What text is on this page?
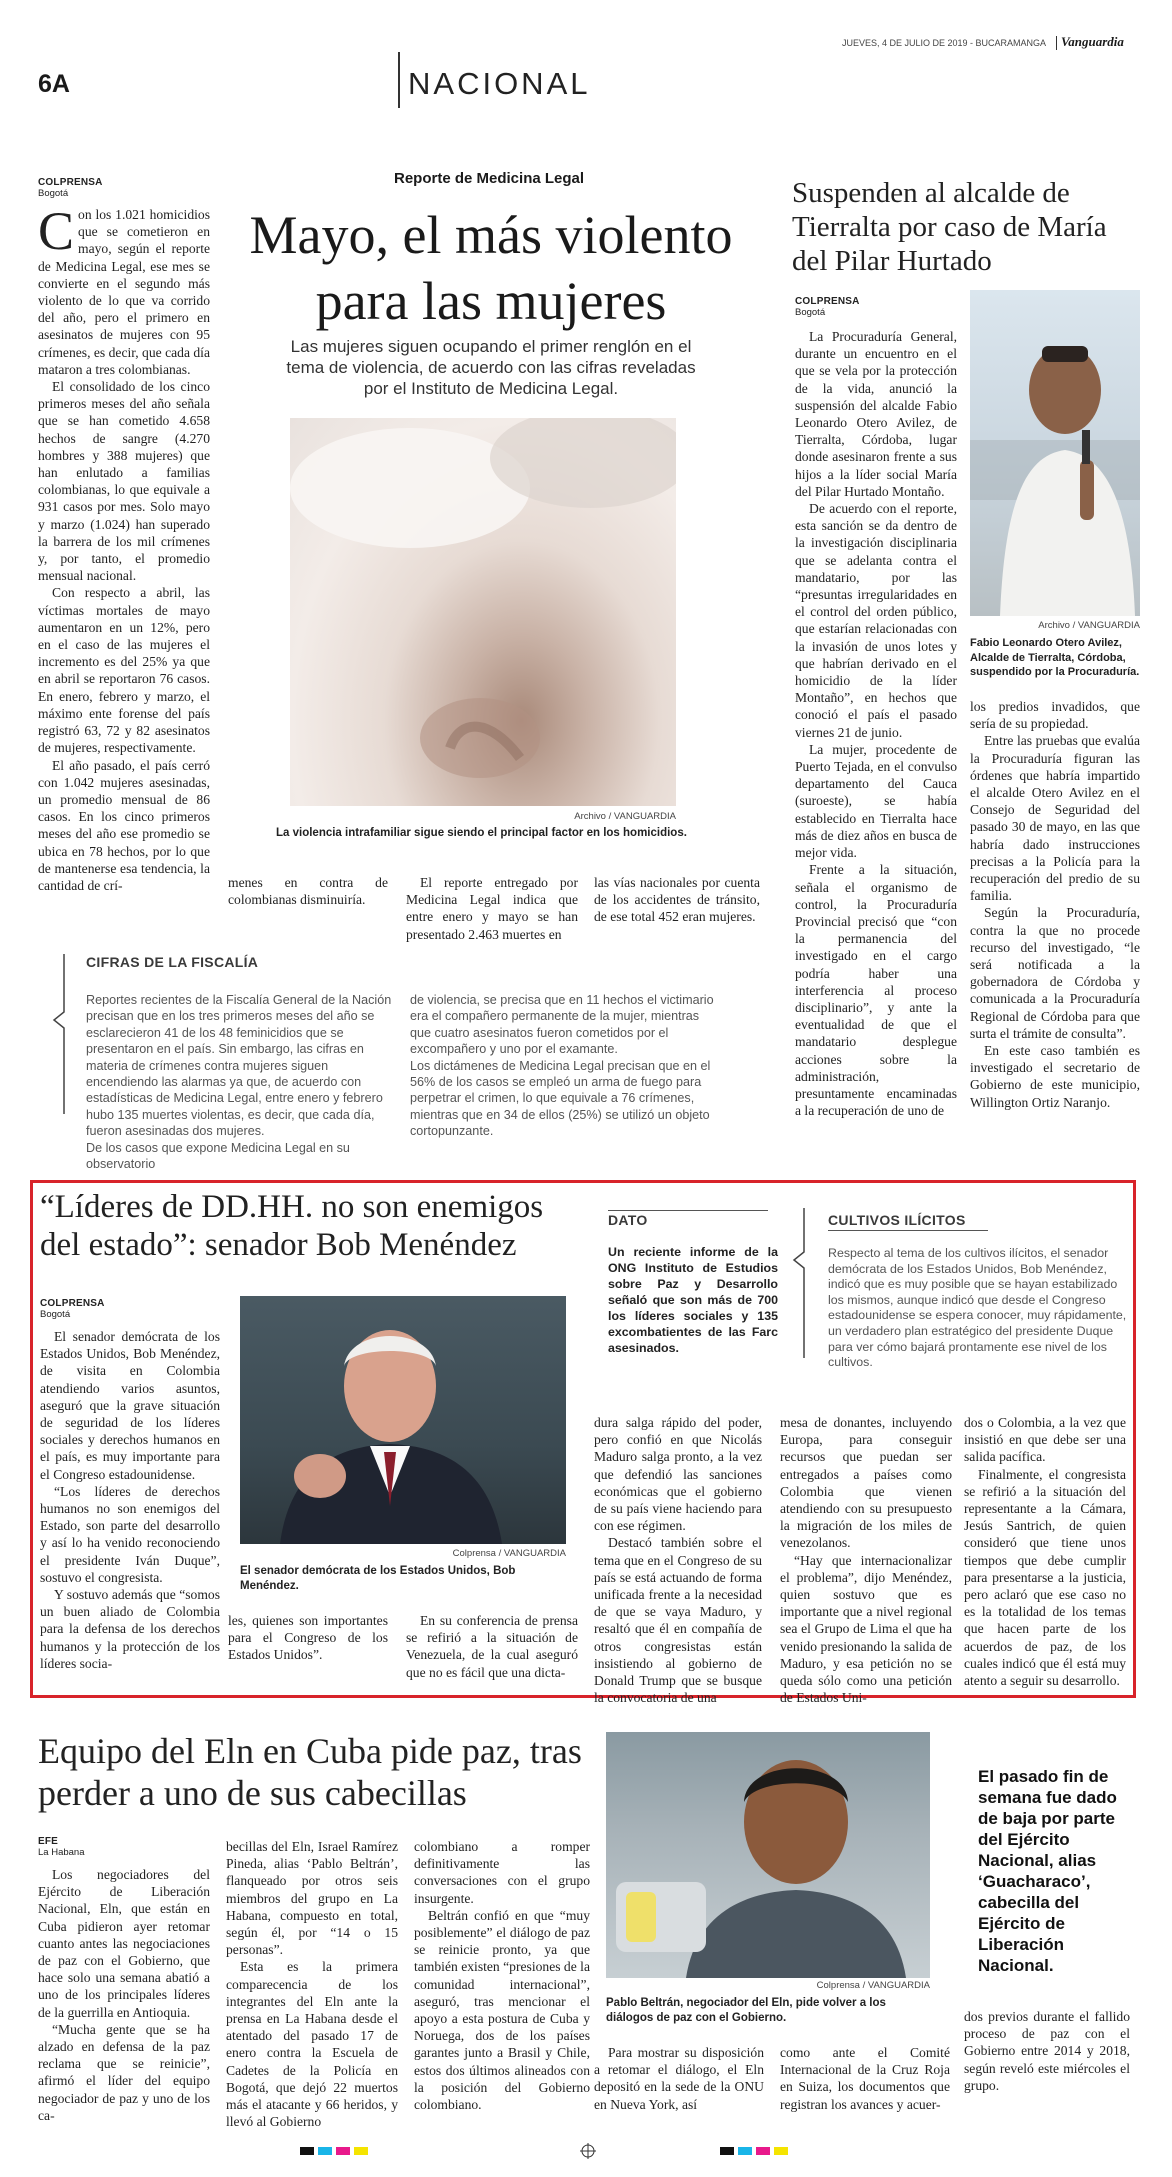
6A	NACIONAL
JUEVES, 4 DE JULIO DE 2019 - BUCARAMANGA Vanguardia
COLPRENSA
Bogotá
C on los 1.021 homicidios que se cometieron en mayo, según el reporte de Medicina Legal, ese mes se convierte en el segundo más violento de lo que va corrido del año, pero el primero en asesinatos de mujeres con 95 crímenes, es decir, que cada día mataron a tres colombianas.

El consolidado de los cinco primeros meses del año señala que se han cometido 4.658 hechos de sangre (4.270 hombres y 388 mujeres) que han enlutado a familias colombianas, lo que equivale a 931 casos por mes. Solo mayo y marzo (1.024) han superado la barrera de los mil crímenes y, por tanto, el promedio mensual nacional.

Con respecto a abril, las víctimas mortales de mayo aumentaron en un 12%, pero en el caso de las mujeres el incremento es del 25% ya que en abril se reportaron 76 casos. En enero, febrero y marzo, el máximo ente forense del país registró 63, 72 y 82 asesinatos de mujeres, respectivamente.

El año pasado, el país cerró con 1.042 mujeres asesinadas, un promedio mensual de 86 casos. En los cinco primeros meses del año ese promedio se ubica en 78 hechos, por lo que de mantenerse esa tendencia, la cantidad de crí-

Reporte de Medicina Legal
Mayo, el más violento
para las mujeres
Las mujeres siguen ocupando el primer renglón en el tema de violencia, de acuerdo con las cifras reveladas por el Instituto de Medicina Legal.
Archivo / VANGUARDIA
La violencia intrafamiliar sigue siendo el principal factor en los homicidios.

menes en contra de colombianas disminuiría.

El reporte entregado por Medicina Legal indica que entre enero y mayo se han presentado 2.463 muertes en

las vías nacionales por cuenta de los accidentes de tránsito, de ese total 452 eran mujeres.

CIFRAS DE LA FISCALÍA
Reportes recientes de la Fiscalía General de la Nación precisan que en los tres primeros meses del año se esclarecieron 41 de los 48 feminicidios que se presentaron en el país. Sin embargo, las cifras en materia de crímenes contra mujeres siguen encendiendo las alarmas ya que, de acuerdo con estadísticas de Medicina Legal, entre enero y febrero hubo 135 muertes violentas, es decir, que cada día, fueron asesinadas dos mujeres.
De los casos que expone Medicina Legal en su observatorio
de violencia, se precisa que en 11 hechos el victimario era el compañero permanente de la mujer, mientras que cuatro asesinatos fueron cometidos por el excompañero y uno por el examante.
Los dictámenes de Medicina Legal precisan que en el 56% de los casos se empleó un arma de fuego para perpetrar el crimen, lo que equivale a 76 crímenes, mientras que en 34 de ellos (25%) se utilizó un objeto cortopunzante.
Suspenden al alcalde de Tierralta por caso de María del Pilar Hurtado
COLPRENSA
Bogotá

La Procuraduría General, durante un encuentro en el que se vela por la protección de la vida, anunció la suspensión del alcalde Fabio Leonardo Otero Avilez, de Tierralta, Córdoba, lugar donde asesinaron frente a sus hijos a la líder social María del Pilar Hurtado Montaño.

De acuerdo con el reporte, esta sanción se da dentro de la investigación disciplinaria que se adelanta contra el mandatario, por las “presuntas irregularidades en el control del orden público, que estarían relacionadas con la invasión de unos lotes y que habrían derivado en el homicidio de la líder Montaño”, en hechos que conoció el país el pasado viernes 21 de junio.

La mujer, procedente de Puerto Tejada, en el convulso departamento del Cauca (suroeste), se había establecido en Tierralta hace más de diez años en busca de mejor vida.

Frente a la situación, señala el organismo de control, la Procuraduría Provincial precisó que “con la permanencia del investigado en el cargo podría haber una interferencia al proceso disciplinario”, y ante la eventualidad de que el mandatario desplegue acciones sobre la administración, presuntamente encaminadas a la recuperación de uno de

Archivo / VANGUARDIA
Fabio Leonardo Otero Avilez, Alcalde de Tierralta, Córdoba, suspendido por la Procuraduría.

los predios invadidos, que sería de su propiedad.

Entre las pruebas que evalúa la Procuraduría figuran las órdenes que habría impartido el alcalde Otero Avilez en el Consejo de Seguridad del pasado 30 de mayo, en las que habría dado instrucciones precisas a la Policía para la recuperación del predio de su familia.

Según la Procuraduría, contra la que no procede recurso del investigado, “le será notificada a la gobernadora de Córdoba y comunicada a la Procuraduría Regional de Córdoba para que surta el trámite de consulta”.

En este caso también es investigado el secretario de Gobierno de este municipio, Willington Ortiz Naranjo.

“Líderes de DD.HH. no son enemigos del estado”: senador Bob Menéndez
COLPRENSA
Bogotá

El senador demócrata de los Estados Unidos, Bob Menéndez, de visita en Colombia atendiendo varios asuntos, aseguró que la grave situación de seguridad de los líderes sociales y derechos humanos en el país, es muy importante para el Congreso estadounidense.

“Los líderes de derechos humanos no son enemigos del Estado, son parte del desarrollo y así lo ha venido reconociendo el presidente Iván Duque”, sostuvo el congresista.

Y sostuvo además que “somos un buen aliado de Colombia para la defensa de los derechos humanos y la protección de los líderes socia-

Colprensa / VANGUARDIA
El senador demócrata de los Estados Unidos, Bob Menéndez.

les, quienes son importantes para el Congreso de los Estados Unidos”.

En su conferencia de prensa se refirió a la situación de Venezuela, de la cual aseguró que no es fácil que una dicta-

dura salga rápido del poder, pero confió en que Nicolás Maduro salga pronto, a la vez que defendió las sanciones económicas que el gobierno de su país viene haciendo para con ese régimen.

Destacó también sobre el tema que en el Congreso de su país se está actuando de forma unificada frente a la necesidad de que se vaya Maduro, y resaltó que él en compañía de otros congresistas están insistiendo al gobierno de Donald Trump que se busque la convocatoria de una

mesa de donantes, incluyendo Europa, para conseguir recursos que puedan ser entregados a países como Colombia que vienen atendiendo con su presupuesto la migración de los miles de venezolanos.

“Hay que internacionalizar el problema”, dijo Menéndez, quien sostuvo que es importante que a nivel regional sea el Grupo de Lima el que ha venido presionando la salida de Maduro, y esa petición no se queda sólo como una petición de Estados Uni-

dos o Colombia, a la vez que insistió en que debe ser una salida pacífica.

Finalmente, el congresista se refirió a la situación del representante a la Cámara, Jesús Santrich, de quien consideró que tiene unos tiempos que debe cumplir para presentarse a la justicia, pero aclaró que ese caso no es la totalidad de los temas que hacen parte de los acuerdos de paz, de los cuales indicó que él está muy atento a seguir su desarrollo.

DATO
Un reciente informe de la ONG Instituto de Estudios sobre Paz y Desarrollo señaló que son más de 700 los líderes sociales y 135 excombatientes de las Farc asesinados.
CULTIVOS ILÍCITOS
Respecto al tema de los cultivos ilícitos, el senador demócrata de los Estados Unidos, Bob Menéndez, indicó que es muy posible que se hayan estabilizado los mismos, aunque indicó que desde el Congreso estadounidense se espera conocer, muy rápidamente, un verdadero plan estratégico del presidente Duque para ver cómo bajará prontamente ese nivel de los cultivos.
Equipo del Eln en Cuba pide paz, tras perder a uno de sus cabecillas
EFE
La Habana

Los negociadores del Ejército de Liberación Nacional, Eln, que están en Cuba pidieron ayer retomar cuanto antes las negociaciones de paz con el Gobierno, que hace solo una semana abatió a uno de los principales líderes de la guerrilla en Antioquia.

“Mucha gente que se ha alzado en defensa de la paz reclama que se reinicie”, afirmó el líder del equipo negociador de paz y uno de los ca-

becillas del Eln, Israel Ramírez Pineda, alias ‘Pablo Beltrán’, flanqueado por otros seis miembros del grupo en La Habana, compuesto en total, según él, por “14 o 15 personas”.

Esta es la primera comparecencia de los integrantes del Eln ante la prensa en La Habana desde el atentado del pasado 17 de enero contra la Escuela de Cadetes de la Policía en Bogotá, que dejó 22 muertos más el atacante y 66 heridos, y llevó al Gobierno

colombiano a romper definitivamente las conversaciones con el grupo insurgente.

Beltrán confió en que “muy posiblemente” el diálogo de paz se reinicie pronto, ya que también existen “presiones de la comunidad internacional”, aseguró, tras mencionar el apoyo a esta postura de Cuba y Noruega, dos de los países garantes junto a Brasil y Chile, estos dos últimos alineados con la posición del Gobierno colombiano.

Colprensa / VANGUARDIA
Pablo Beltrán, negociador del Eln, pide volver a los diálogos de paz con el Gobierno.

Para mostrar su disposición a retomar el diálogo, el Eln depositó en la sede de la ONU en Nueva York, así

como ante el Comité Internacional de la Cruz Roja en Suiza, los documentos que registran los avances y acuer-

El pasado fin de semana fue dado de baja por parte del Ejército Nacional, alias ‘Guacharaco’, cabecilla del Ejército de Liberación Nacional.

dos previos durante el fallido proceso de paz con el Gobierno entre 2014 y 2018, según reveló este miércoles el grupo.
